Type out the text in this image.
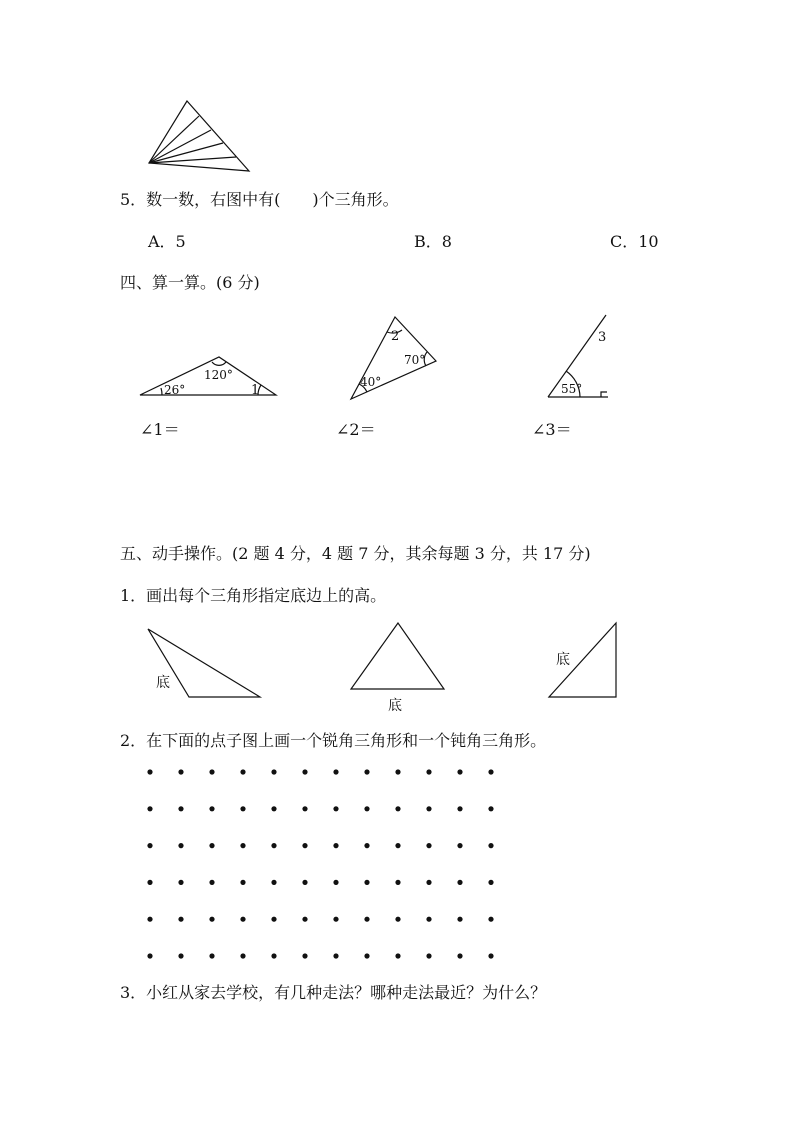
5．数一数，右图中有(　　)个三角形。
A．5	B．8	C．10
四、算一算。(6 分)
120°
26°	1
2
70°
40°
3
55°
∠1＝	∠2＝	∠3＝
五、动手操作。(2 题 4 分，4 题 7 分，其余每题 3 分，共 17 分)
1．画出每个三角形指定底边上的高。
底
底
底
2．在下面的点子图上画一个锐角三角形和一个钝角三角形。
3．小红从家去学校，有几种走法？哪种走法最近？为什么？
